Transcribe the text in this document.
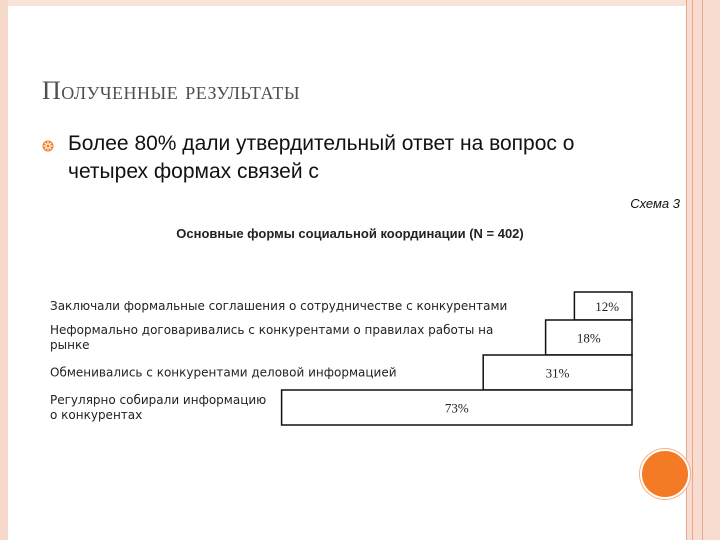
Полученные результаты
Более 80% дали утвердительный ответ на вопрос о четырех формах связей с
Схема 3
Основные формы социальной координации (N = 402)
12%
Заключали формальные соглашения о сотрудничестве с конкурентами
18%
Неформально договаривались с конкурентами о правилах работы на
рынке
31%
Обменивались с конкурентами деловой информацией
73%
Регулярно собирали информацию
о конкурентах
